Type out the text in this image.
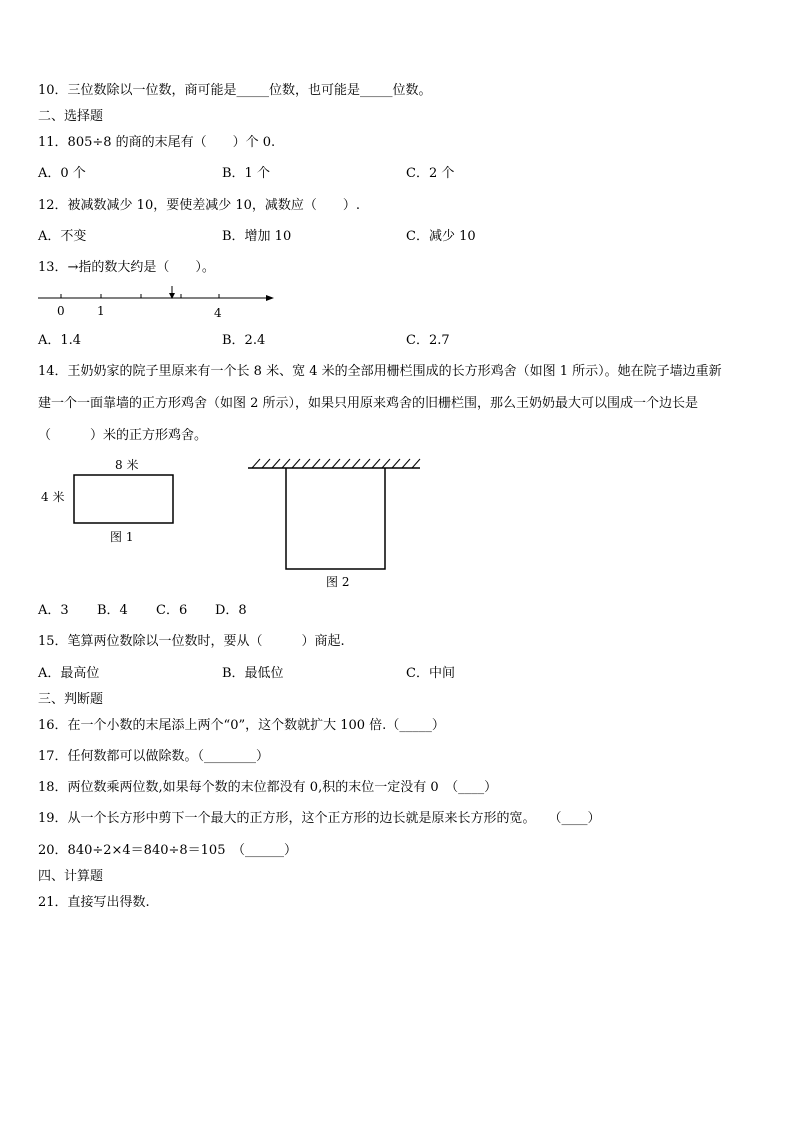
10．三位数除以一位数，商可能是_____位数，也可能是_____位数。
二、选择题
11．805÷8 的商的末尾有（　　）个 0.
A．0 个	B．1 个	C．2 个
12．被减数减少 10，要使差减少 10，减数应（　　）.
A．不变	B．增加 10	C．减少 10
13．→指的数大约是（　　）。
0	1	4
A．1.4	B．2.4	C．2.7
14．王奶奶家的院子里原来有一个长 8 米、宽 4 米的全部用栅栏围成的长方形鸡舍（如图 1 所示）。她在院子墙边重新
建一个一面靠墙的正方形鸡舍（如图 2 所示），如果只用原来鸡舍的旧栅栏围，那么王奶奶最大可以围成一个边长是
（　　　）米的正方形鸡舍。
8 米
4 米
图 1
图 2
A．3 B．4 C．6 D．8
15．笔算两位数除以一位数时，要从（　　　）商起.
A．最高位	B．最低位	C．中间
三、判断题
16．在一个小数的末尾添上两个“0”，这个数就扩大 100 倍.（_____）
17．任何数都可以做除数。（________）
18．两位数乘两位数,如果每个数的末位都没有 0,积的末位一定没有 0　（____）
19．从一个长方形中剪下一个最大的正方形，这个正方形的边长就是原来长方形的宽。　　（____）
20．840÷2×4＝840÷8＝105　（______）
四、计算题
21．直接写出得数.
